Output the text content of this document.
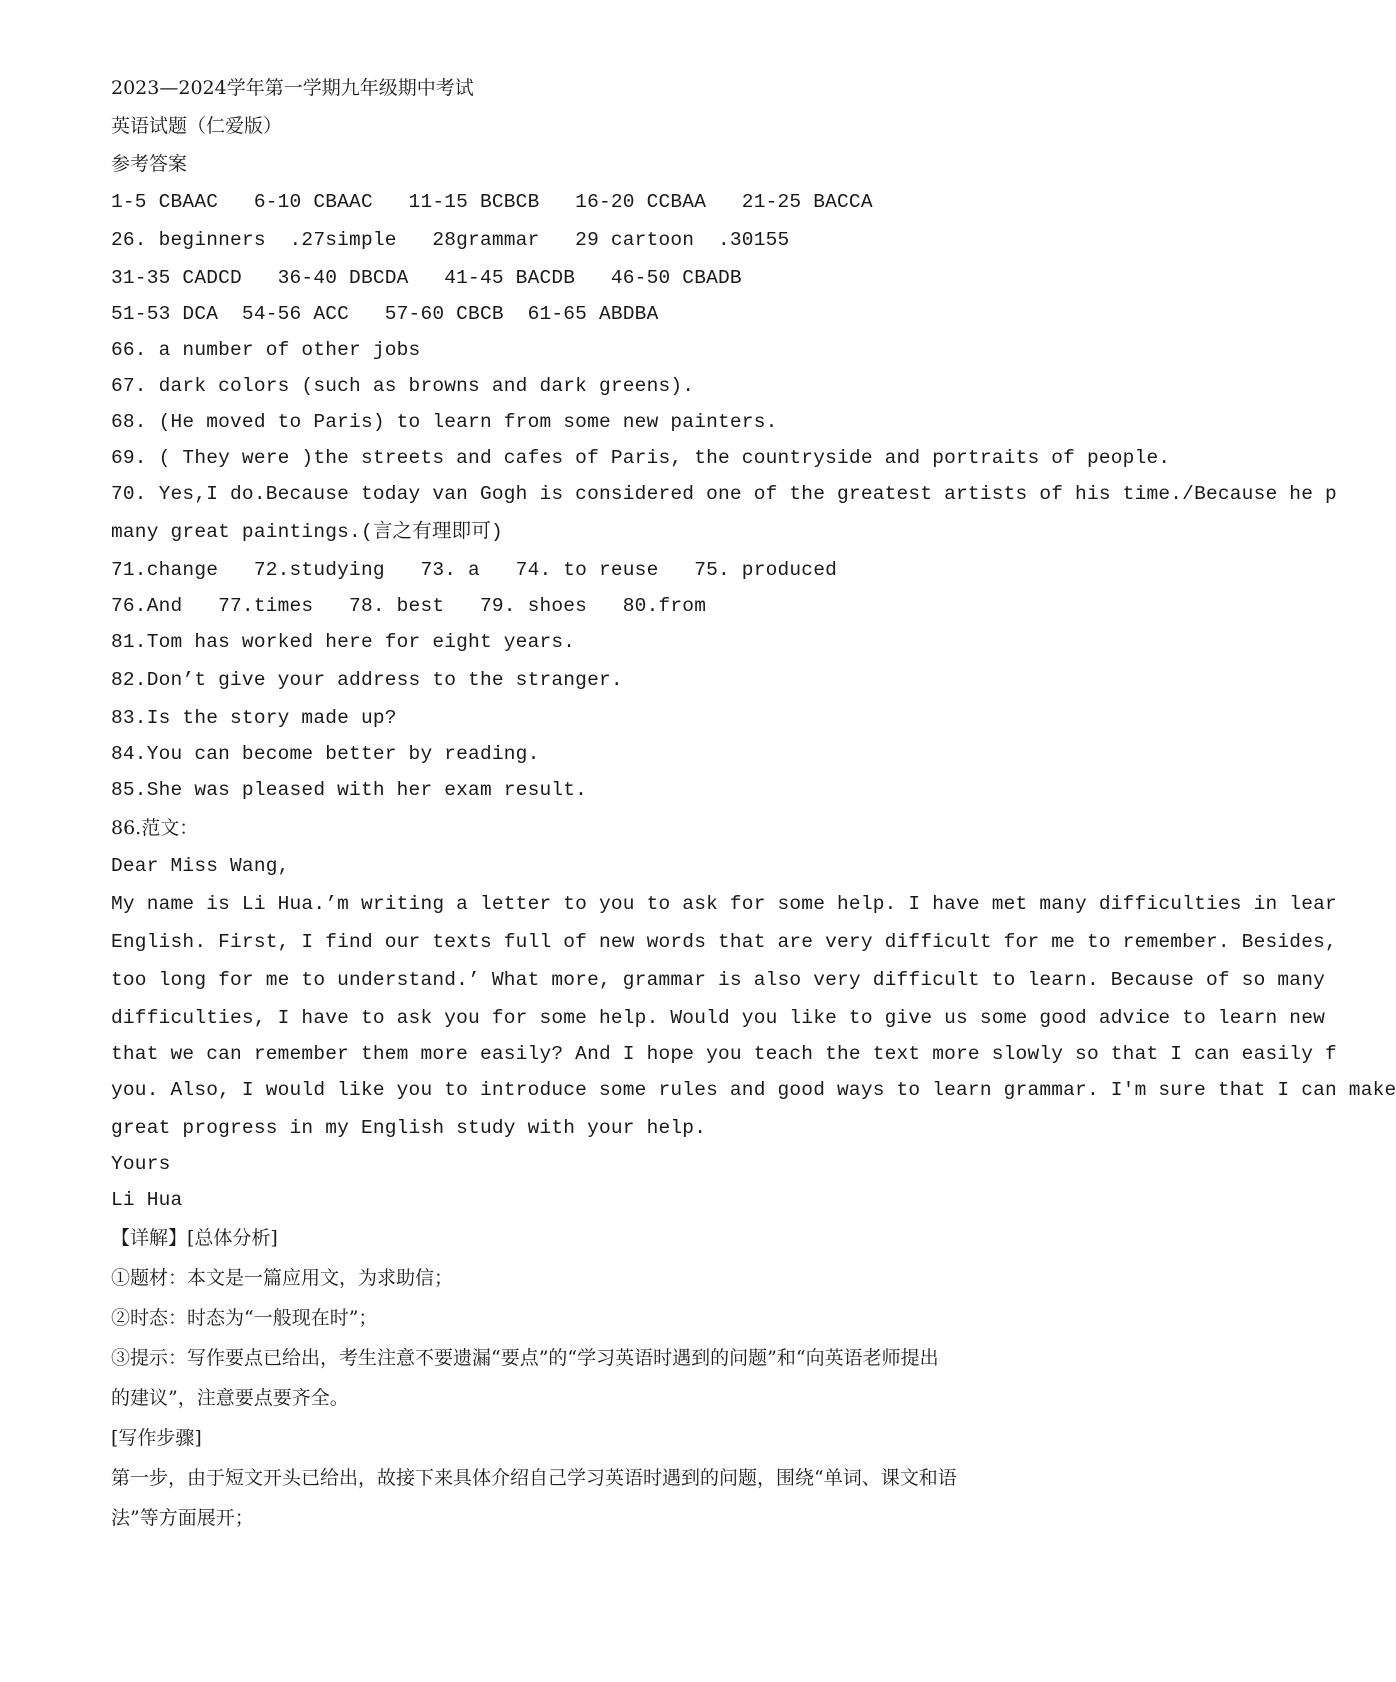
2023—2024学年第一学期九年级期中考试
英语试题（仁爱版）
参考答案
1-5 CBAAC   6-10 CBAAC   11-15 BCBCB   16-20 CCBAA   21-25 BACCA
26. beginners  .27simple   28grammar   29 cartoon  .30155
31-35 CADCD   36-40 DBCDA   41-45 BACDB   46-50 CBADB
51-53 DCA  54-56 ACC   57-60 CBCB  61-65 ABDBA
66. a number of other jobs
67. dark colors (such as browns and dark greens).
68. (He moved to Paris) to learn from some new painters.
69. ( They were )the streets and cafes of Paris, the countryside and portraits of people.
70. Yes,I do.Because today van Gogh is considered one of the greatest artists of his time./Because he p
many great paintings.(言之有理即可)
71.change   72.studying   73. a   74. to reuse   75. produced
76.And   77.times   78. best   79. shoes   80.from
81.Tom has worked here for eight years.
82.Don’t give your address to the stranger.
83.Is the story made up?
84.You can become better by reading.
85.She was pleased with her exam result.
86.范文：
Dear Miss Wang,
My name is Li Hua.’m writing a letter to you to ask for some help. I have met many difficulties in lear
English. First, I find our texts full of new words that are very difficult for me to remember. Besides,
too long for me to understand.’ What more, grammar is also very difficult to learn. Because of so many
difficulties, I have to ask you for some help. Would you like to give us some good advice to learn new
that we can remember them more easily? And I hope you teach the text more slowly so that I can easily f
you. Also, I would like you to introduce some rules and good ways to learn grammar. I'm sure that I can make
great progress in my English study with your help.
Yours
Li Hua
【详解】[总体分析]
①题材：本文是一篇应用文，为求助信；
②时态：时态为“一般现在时”；
③提示：写作要点已给出，考生注意不要遗漏“要点”的“学习英语时遇到的问题”和“向英语老师提出
的建议”，注意要点要齐全。
[写作步骤]
第一步，由于短文开头已给出，故接下来具体介绍自己学习英语时遇到的问题，围绕“单词、课文和语
法”等方面展开；
